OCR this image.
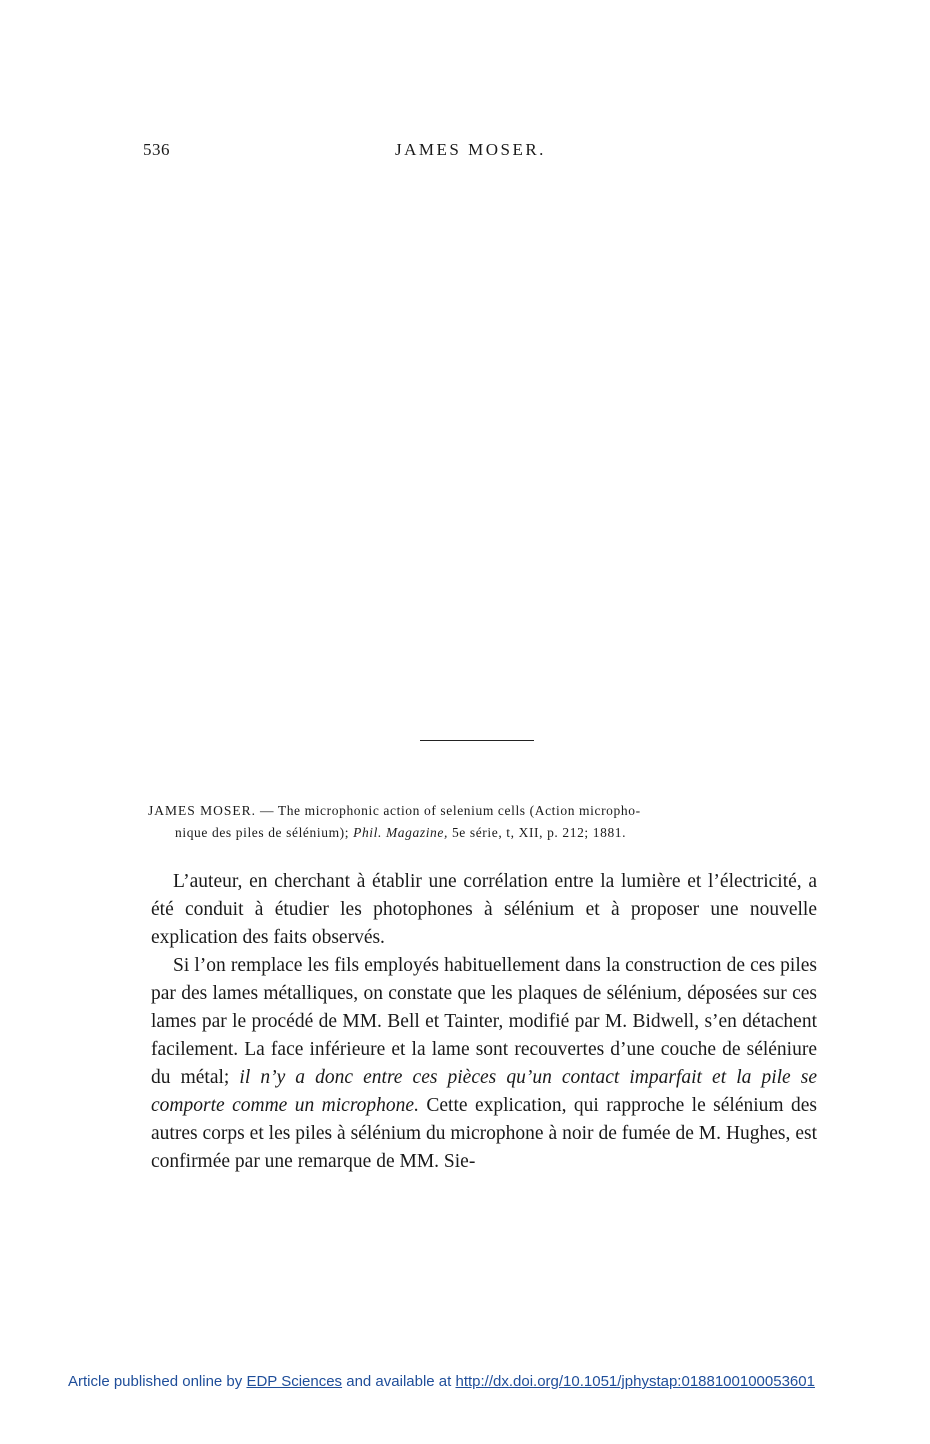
536	JAMES MOSER.
JAMES MOSER. — The microphonic action of selenium cells (Action micropho-
nique des piles de sélénium); Phil. Magazine, 5e série, t, XII, p. 212; 1881.

L’auteur, en cherchant à établir une corrélation entre la lumière et l’électricité, a été conduit à étudier les photophones à sélénium et à proposer une nouvelle explication des faits observés.

Si l’on remplace les fils employés habituellement dans la construction de ces piles par des lames métalliques, on constate que les plaques de sélénium, déposées sur ces lames par le procédé de MM. Bell et Tainter, modifié par M. Bidwell, s’en détachent facilement. La face inférieure et la lame sont recouvertes d’une couche de séléniure du métal; il n’y a donc entre ces pièces qu’un contact imparfait et la pile se comporte comme un microphone. Cette explication, qui rapproche le sélénium des autres corps et les piles à sélénium du microphone à noir de fumée de M. Hughes, est confirmée par une remarque de MM. Sie-

Article published online by EDP Sciences and available at http://dx.doi.org/10.1051/jphystap:0188100100053601
